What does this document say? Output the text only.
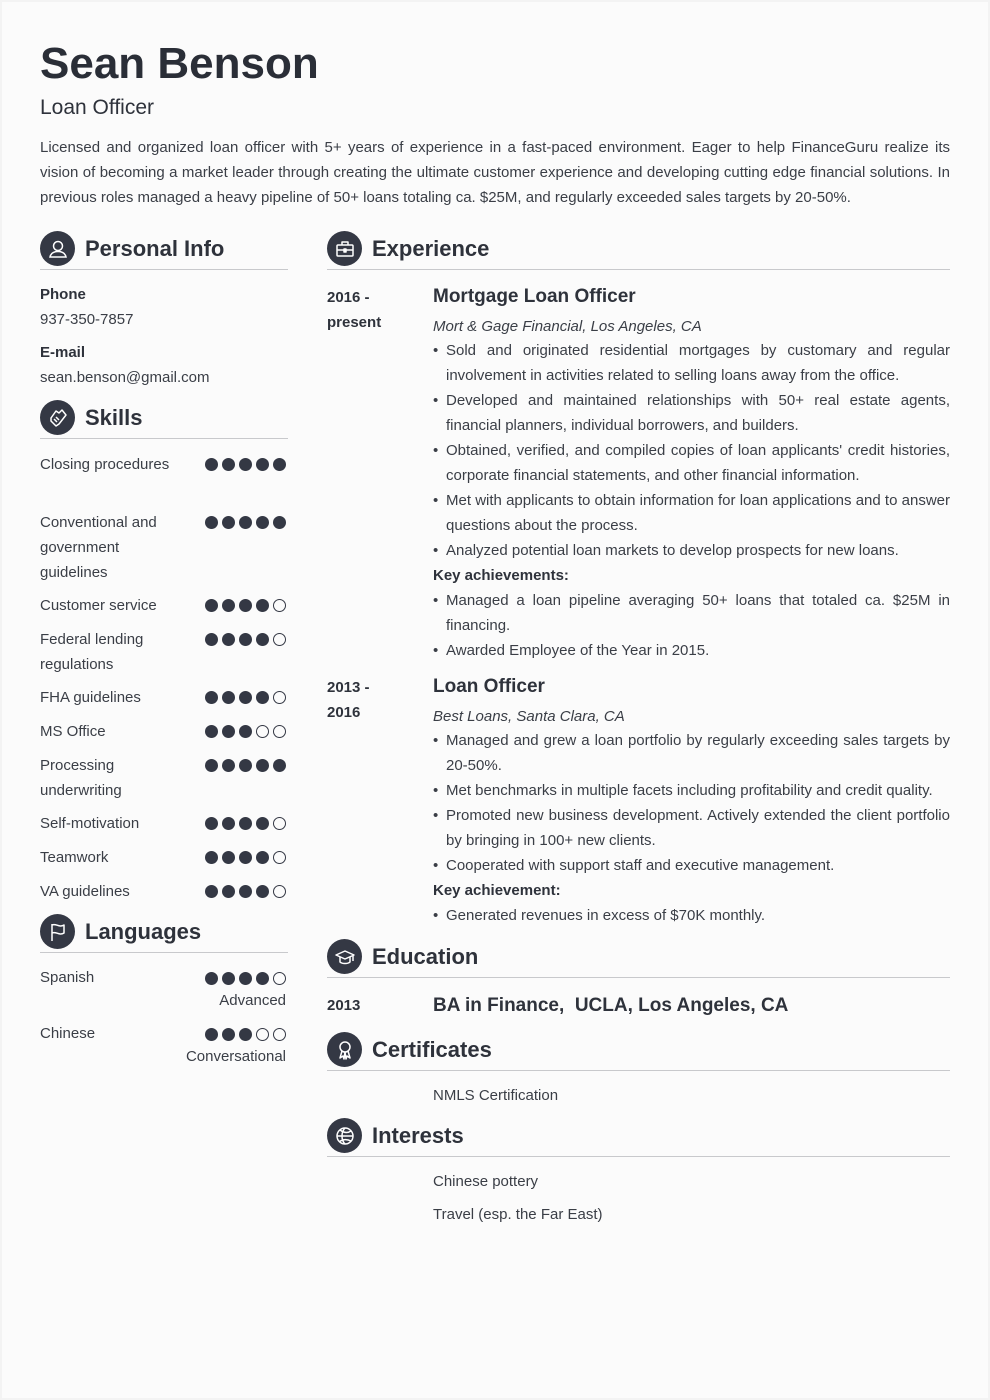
Sean Benson
Loan Officer
Licensed and organized loan officer with 5+ years of experience in a fast-paced environment. Eager to help FinanceGuru realize its vision of becoming a market leader through creating the ultimate customer experience and developing cutting edge financial solutions. In previous roles managed a heavy pipeline of 50+ loans totaling ca. $25M, and regularly exceeded sales targets by 20-50%.
Personal Info
Phone
937-350-7857
E-mail
sean.benson@gmail.com
Skills
Languages
Experience
2016 - present
Mortgage Loan Officer
Mort & Gage Financial, Los Angeles, CA
• Sold and originated residential mortgages by customary and regular involvement in activities related to selling loans away from the office.
• Developed and maintained relationships with 50+ real estate agents, financial planners, individual borrowers, and builders.
• Obtained, verified, and compiled copies of loan applicants' credit histories, corporate financial statements, and other financial information.
• Met with applicants to obtain information for loan applications and to answer questions about the process.
• Analyzed potential loan markets to develop prospects for new loans.
Key achievements:
• Managed a loan pipeline averaging 50+ loans that totaled ca. $25M in financing.
• Awarded Employee of the Year in 2015.
2013 - 2016
Loan Officer
Best Loans, Santa Clara, CA
• Managed and grew a loan portfolio by regularly exceeding sales targets by 20-50%.
• Met benchmarks in multiple facets including profitability and credit quality.
• Promoted new business development. Actively extended the client portfolio by bringing in 100+ new clients.
• Cooperated with support staff and executive management.
Key achievement:
• Generated revenues in excess of $70K monthly.
Education
2013	BA in Finance,  UCLA, Los Angeles, CA
Certificates
NMLS Certification
Interests
Chinese pottery
Travel (esp. the Far East)
Closing procedures
Conventional and government guidelines
Customer service
Federal lending regulations
FHA guidelines
MS Office
Processing underwriting
Self-motivation
Teamwork
VA guidelines
Spanish
Advanced
Chinese
Conversational
